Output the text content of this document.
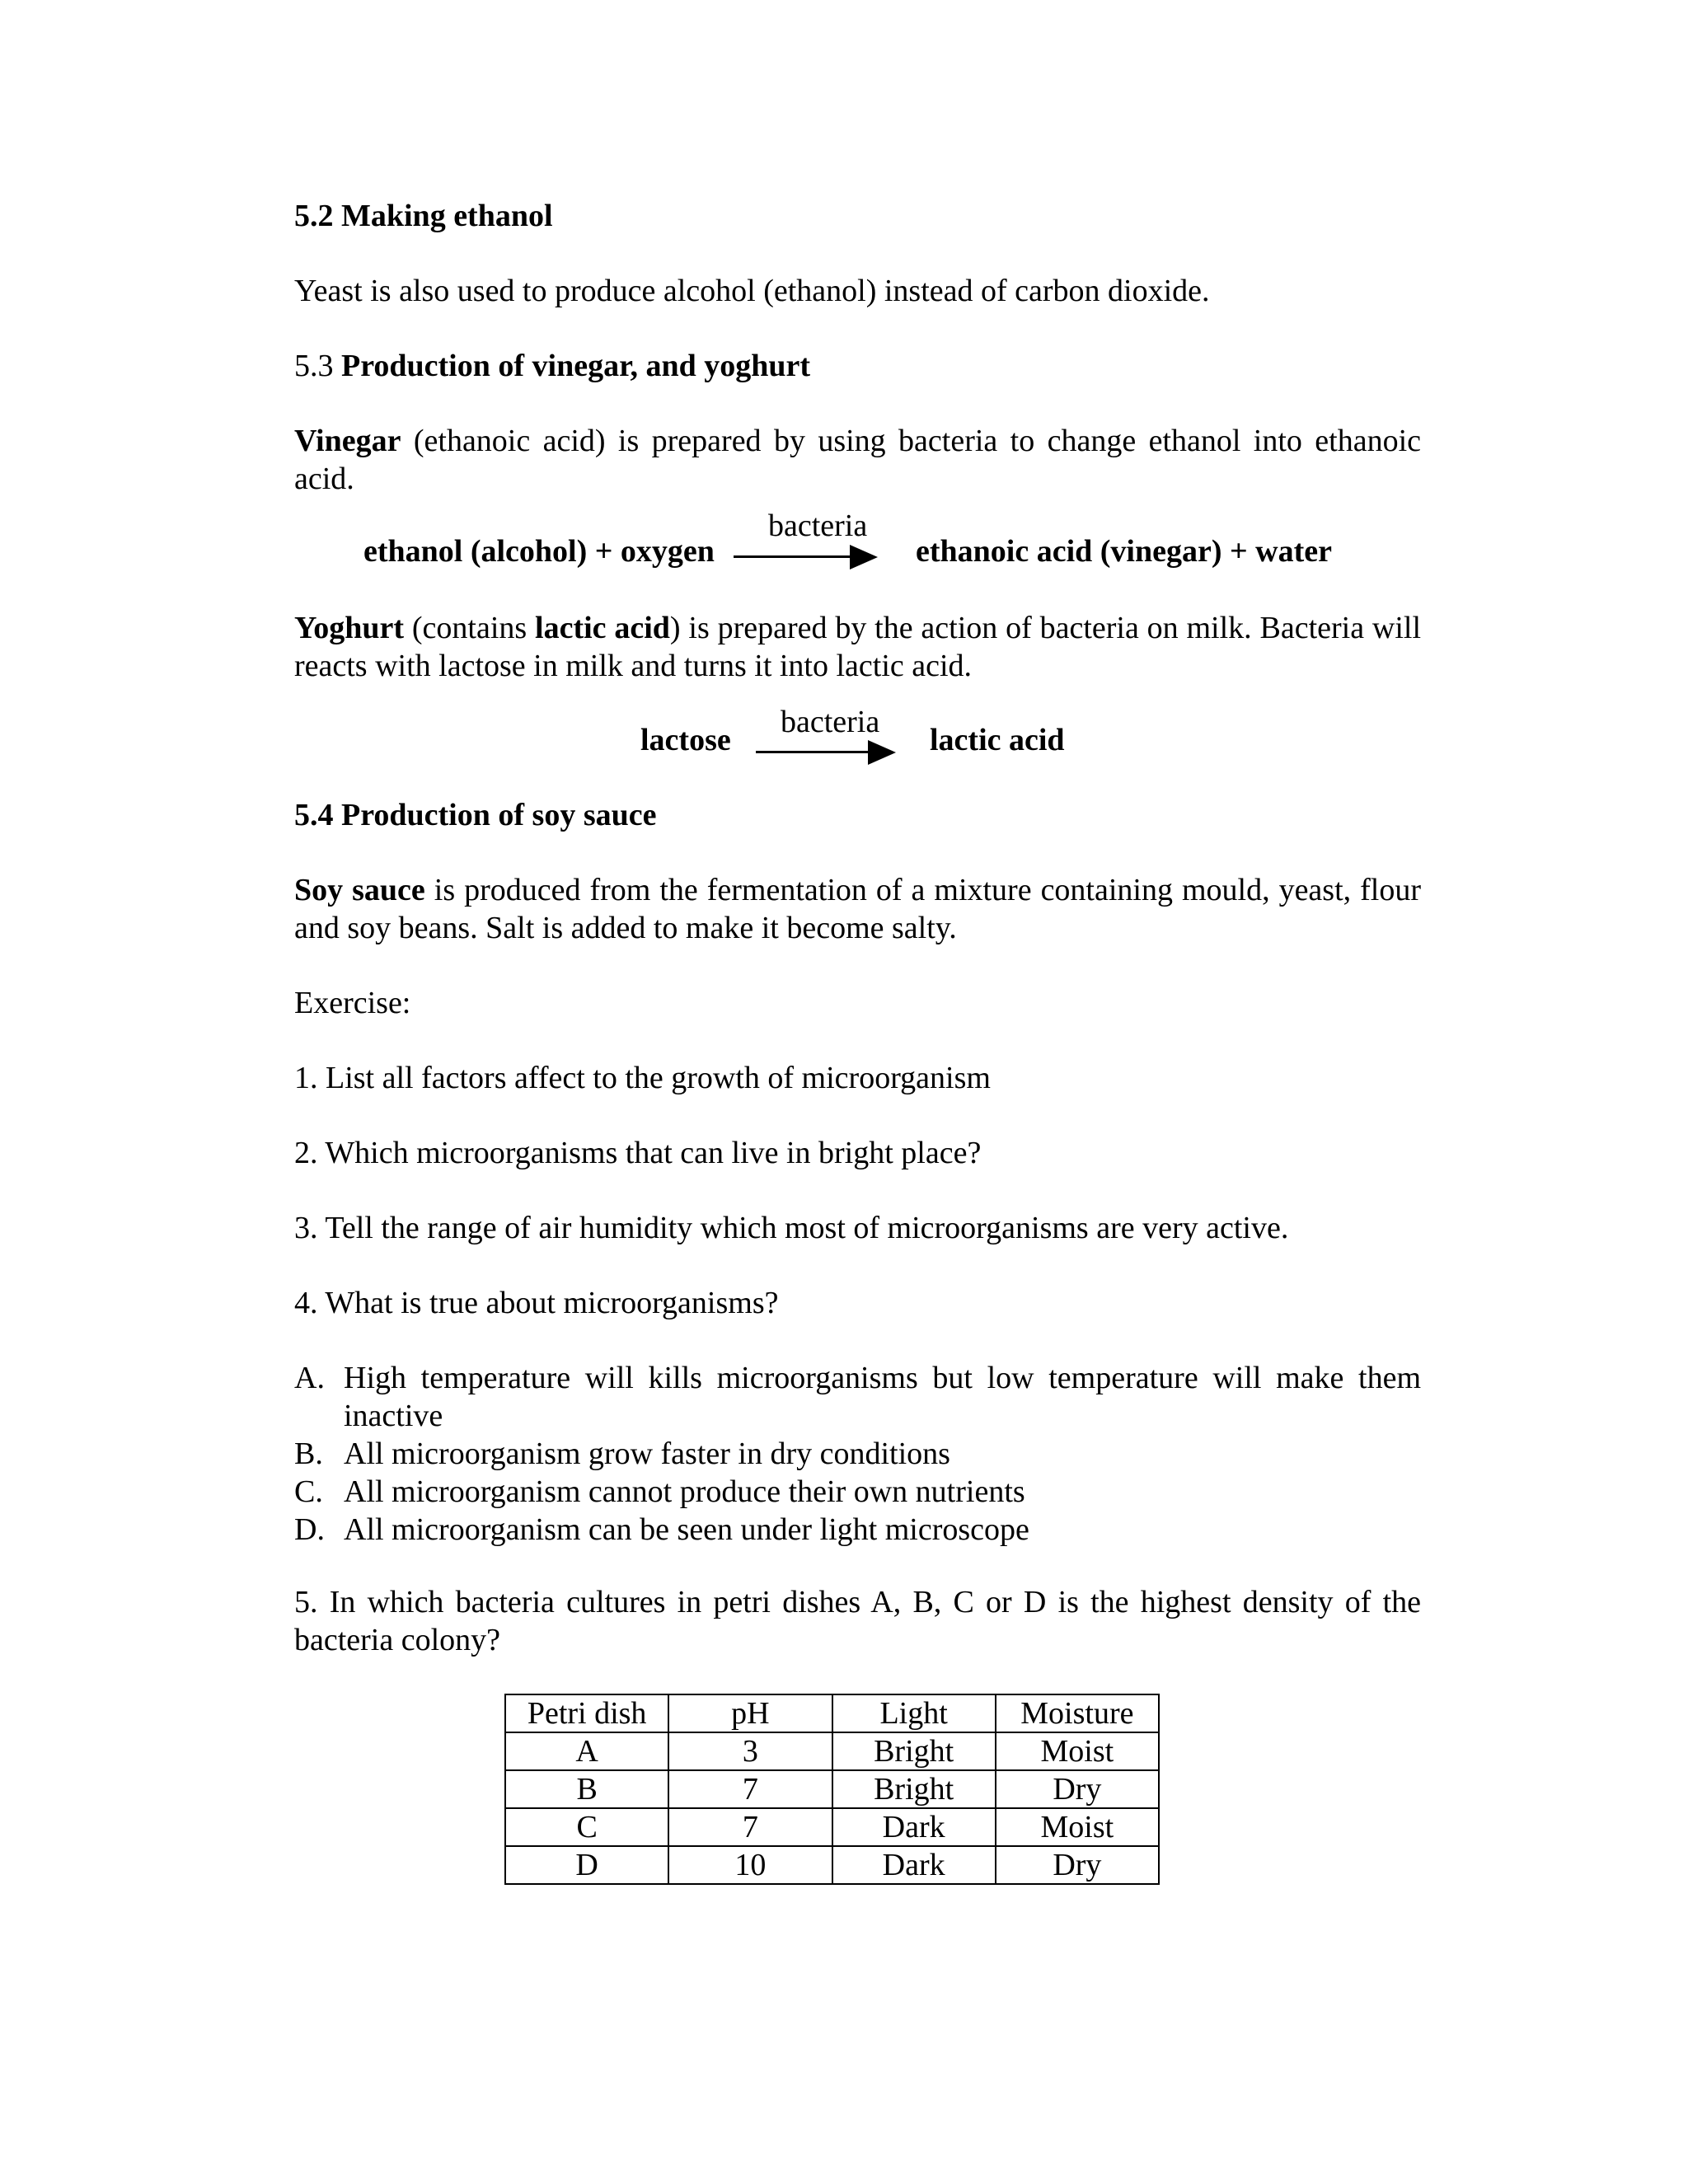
5.2 Making ethanol

Yeast is also used to produce alcohol (ethanol) instead of carbon dioxide.

5.3 Production of vinegar, and yoghurt

Vinegar (ethanoic acid) is prepared by using bacteria to change ethanol into ethanoic acid.

ethanol (alcohol) + oxygen
bacteria
ethanoic acid (vinegar) + water

Yoghurt (contains lactic acid) is prepared by the action of bacteria on milk. Bacteria will reacts with lactose in milk and turns it into lactic acid.

lactose
bacteria
lactic acid

5.4 Production of soy sauce

Soy sauce is produced from the fermentation of a mixture containing mould, yeast, flour and soy beans. Salt is added to make it become salty.

Exercise:

1. List all factors affect to the growth of microorganism

2. Which microorganisms that can live in bright place?

3. Tell the range of air humidity which most of microorganisms are very active.

4. What is true about microorganisms?

A. High temperature will kills microorganisms but low temperature will make them inactive
B. All microorganism grow faster in dry conditions
C. All microorganism cannot produce their own nutrients
D. All microorganism can be seen under light microscope

5. In which bacteria cultures in petri dishes A, B, C or D is the highest density of the bacteria colony?

Petri dish	pH	Light	Moisture
A	3	Bright	Moist
B	7	Bright	Dry
C	7	Dark	Moist
D	10	Dark	Dry
